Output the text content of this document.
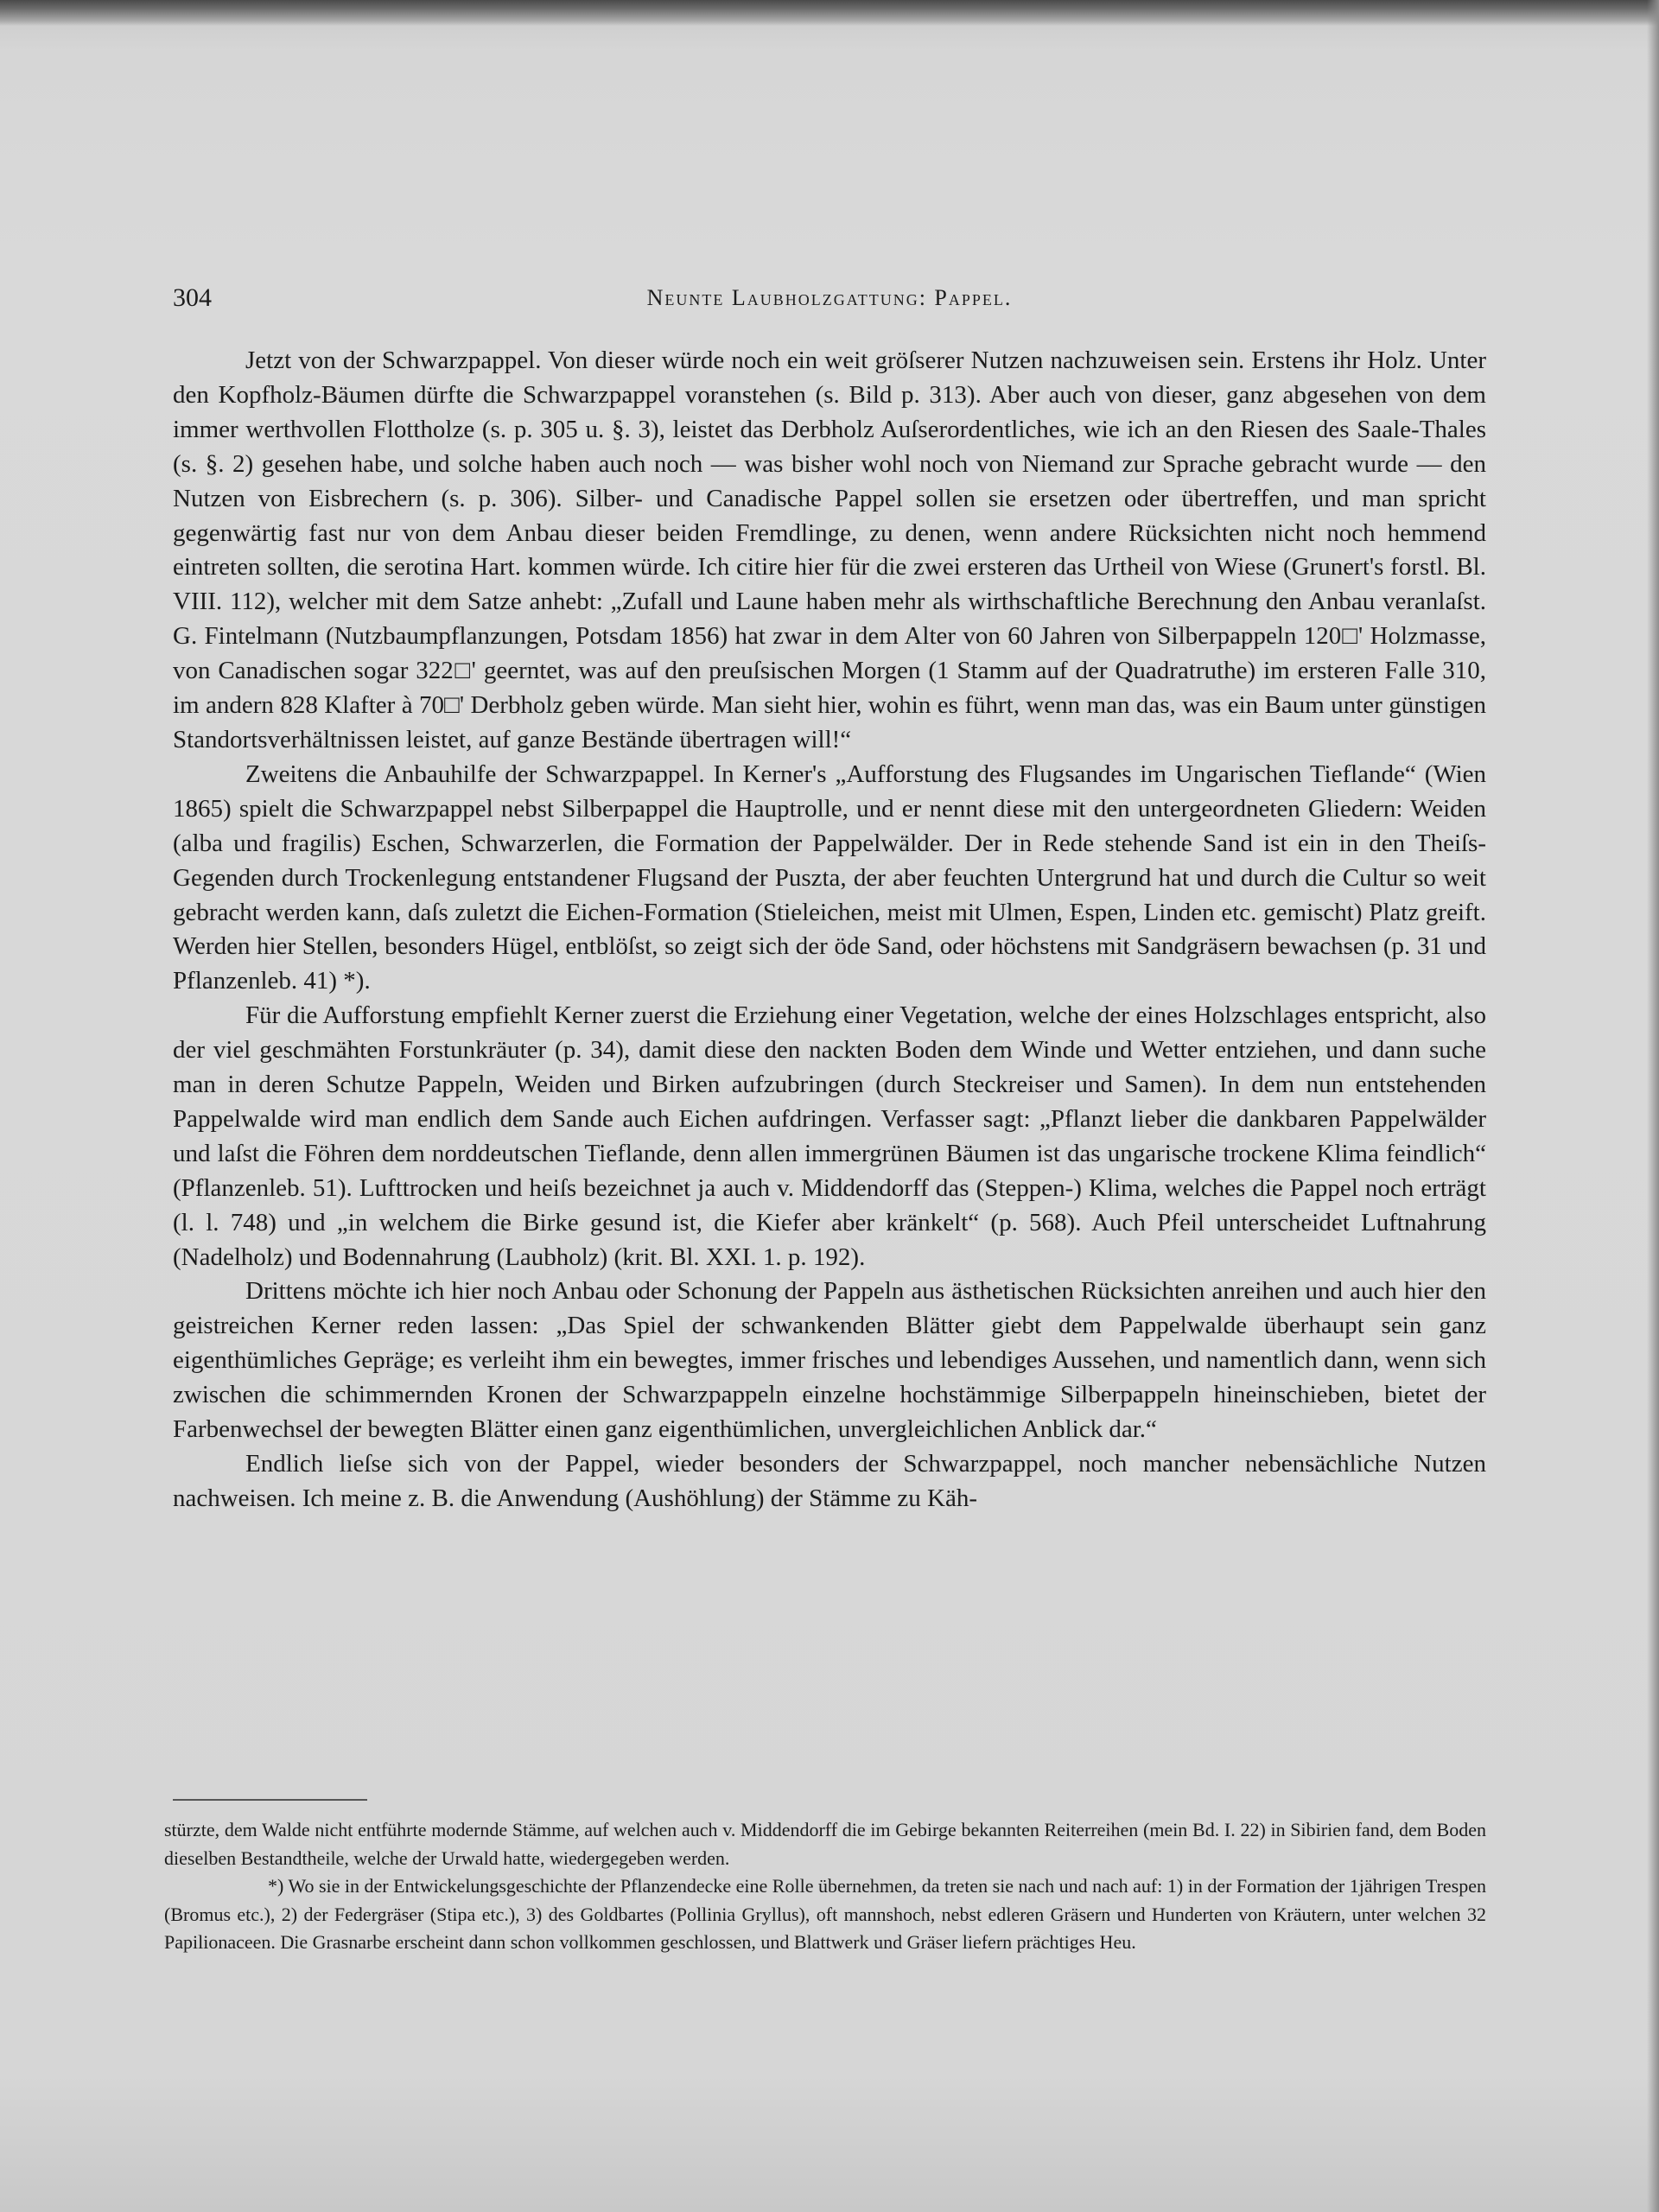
304	Neunte Laubholzgattung: Pappel.

Jetzt von der Schwarzpappel. Von dieser würde noch ein weit gröſserer Nutzen nachzuweisen sein. Erstens ihr Holz. Unter den Kopfholz-Bäumen dürfte die Schwarzpappel voranstehen (s. Bild p. 313). Aber auch von dieser, ganz abgesehen von dem immer werthvollen Flottholze (s. p. 305 u. §. 3), leistet das Derbholz Auſserordentliches, wie ich an den Riesen des Saale-Thales (s. §. 2) gesehen habe, und solche haben auch noch — was bisher wohl noch von Niemand zur Sprache gebracht wurde — den Nutzen von Eisbrechern (s. p. 306). Silber- und Canadische Pappel sollen sie ersetzen oder übertreffen, und man spricht gegenwärtig fast nur von dem Anbau dieser beiden Fremdlinge, zu denen, wenn andere Rücksichten nicht noch hemmend eintreten sollten, die serotina Hart. kommen würde. Ich citire hier für die zwei ersteren das Urtheil von Wiese (Grunert's forstl. Bl. VIII. 112), welcher mit dem Satze anhebt: „Zufall und Laune haben mehr als wirthschaftliche Berechnung den Anbau veranlaſst. G. Fintelmann (Nutzbaumpflanzungen, Potsdam 1856) hat zwar in dem Alter von 60 Jahren von Silberpappeln 120□' Holzmasse, von Canadischen sogar 322□' geerntet, was auf den preuſsischen Morgen (1 Stamm auf der Quadratruthe) im ersteren Falle 310, im andern 828 Klafter à 70□' Derbholz geben würde. Man sieht hier, wohin es führt, wenn man das, was ein Baum unter günstigen Standortsverhältnissen leistet, auf ganze Bestände übertragen will!“

Zweitens die Anbauhilfe der Schwarzpappel. In Kerner's „Aufforstung des Flugsandes im Ungarischen Tieflande“ (Wien 1865) spielt die Schwarzpappel nebst Silberpappel die Hauptrolle, und er nennt diese mit den untergeordneten Gliedern: Weiden (alba und fragilis) Eschen, Schwarzerlen, die Formation der Pappelwälder. Der in Rede stehende Sand ist ein in den Theiſs-Gegenden durch Trockenlegung entstandener Flugsand der Puszta, der aber feuchten Untergrund hat und durch die Cultur so weit gebracht werden kann, daſs zuletzt die Eichen-Formation (Stieleichen, meist mit Ulmen, Espen, Linden etc. gemischt) Platz greift. Werden hier Stellen, besonders Hügel, entblöſst, so zeigt sich der öde Sand, oder höchstens mit Sandgräsern bewachsen (p. 31 und Pflanzenleb. 41) *).

Für die Aufforstung empfiehlt Kerner zuerst die Erziehung einer Vegetation, welche der eines Holzschlages entspricht, also der viel geschmähten Forstunkräuter (p. 34), damit diese den nackten Boden dem Winde und Wetter entziehen, und dann suche man in deren Schutze Pappeln, Weiden und Birken aufzubringen (durch Steckreiser und Samen). In dem nun entstehenden Pappelwalde wird man endlich dem Sande auch Eichen aufdringen. Verfasser sagt: „Pflanzt lieber die dankbaren Pappelwälder und laſst die Föhren dem norddeutschen Tieflande, denn allen immergrünen Bäumen ist das ungarische trockene Klima feindlich“ (Pflanzenleb. 51). Lufttrocken und heiſs bezeichnet ja auch v. Middendorff das (Steppen-) Klima, welches die Pappel noch erträgt (l. l. 748) und „in welchem die Birke gesund ist, die Kiefer aber kränkelt“ (p. 568). Auch Pfeil unterscheidet Luftnahrung (Nadelholz) und Bodennahrung (Laubholz) (krit. Bl. XXI. 1. p. 192).

Drittens möchte ich hier noch Anbau oder Schonung der Pappeln aus ästhetischen Rücksichten anreihen und auch hier den geistreichen Kerner reden lassen: „Das Spiel der schwankenden Blätter giebt dem Pappelwalde überhaupt sein ganz eigenthümliches Gepräge; es verleiht ihm ein bewegtes, immer frisches und lebendiges Aussehen, und namentlich dann, wenn sich zwischen die schimmernden Kronen der Schwarzpappeln einzelne hochstämmige Silberpappeln hineinschieben, bietet der Farbenwechsel der bewegten Blätter einen ganz eigenthümlichen, unvergleichlichen Anblick dar.“

Endlich lieſse sich von der Pappel, wieder besonders der Schwarzpappel, noch mancher nebensächliche Nutzen nachweisen. Ich meine z. B. die Anwendung (Aushöhlung) der Stämme zu Käh-

stürzte, dem Walde nicht entführte modernde Stämme, auf welchen auch v. Middendorff die im Gebirge bekannten Reiterreihen (mein Bd. I. 22) in Sibirien fand, dem Boden dieselben Bestandtheile, welche der Urwald hatte, wiedergegeben werden.

*) Wo sie in der Entwickelungsgeschichte der Pflanzendecke eine Rolle übernehmen, da treten sie nach und nach auf: 1) in der Formation der 1jährigen Trespen (Bromus etc.), 2) der Federgräser (Stipa etc.), 3) des Goldbartes (Pollinia Gryllus), oft mannshoch, nebst edleren Gräsern und Hunderten von Kräutern, unter welchen 32 Papilionaceen. Die Grasnarbe erscheint dann schon vollkommen geschlossen, und Blattwerk und Gräser liefern prächtiges Heu.
